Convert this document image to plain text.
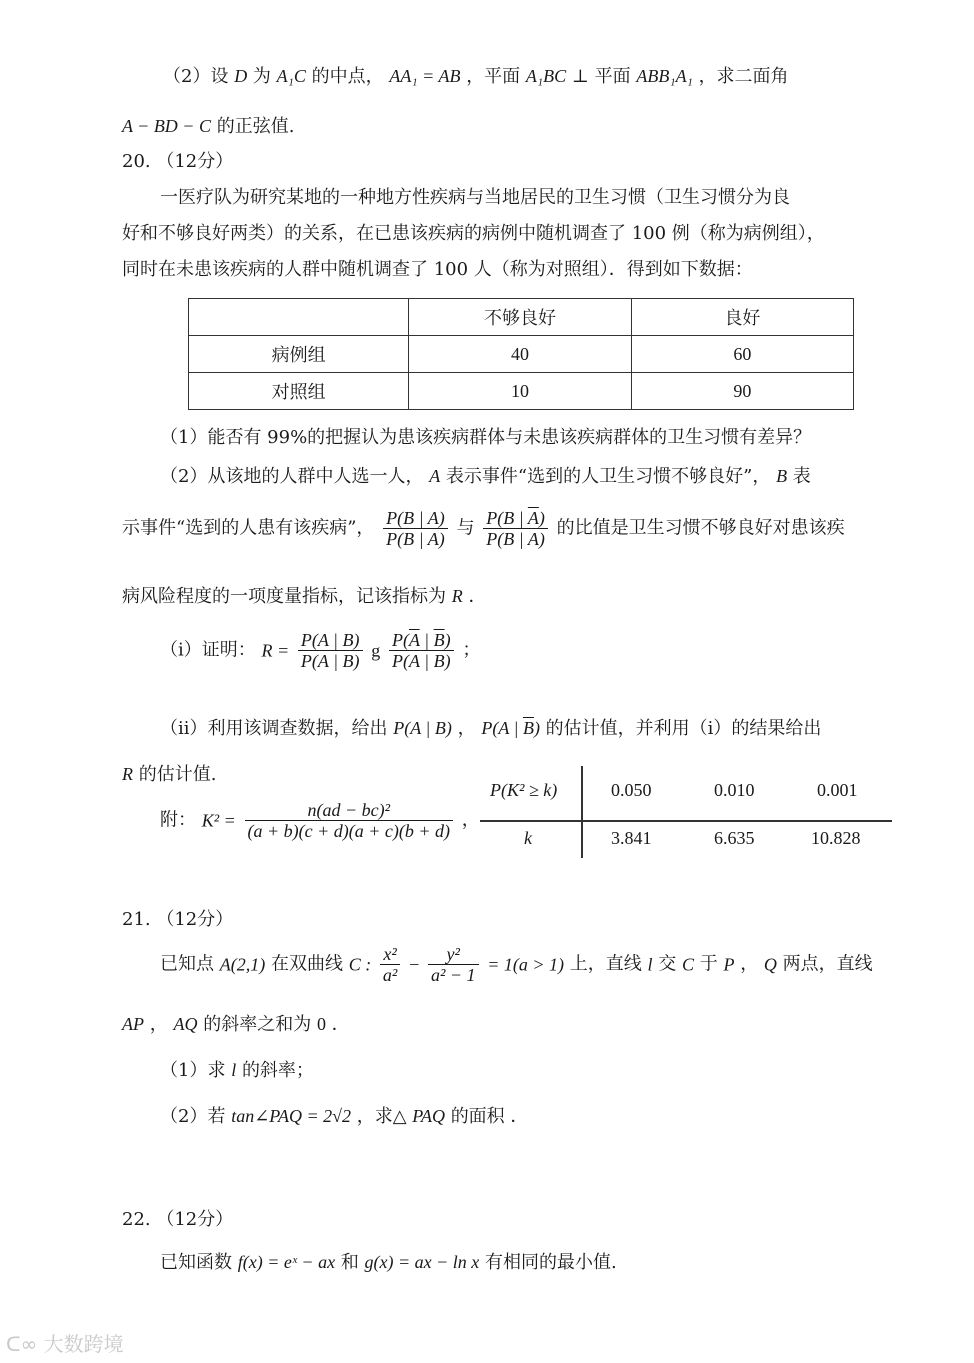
（2）设 D 为 A₁C 的中点， AA₁ = AB ，平面 A₁BC ⊥ 平面 ABB₁A₁ ，求二面角
A − BD − C 的正弦值.
20. （12分）
一医疗队为研究某地的一种地方性疾病与当地居民的卫生习惯（卫生习惯分为良
好和不够良好两类）的关系，在已患该疾病的病例中随机调查了 100 例（称为病例组），
同时在未患该疾病的人群中随机调查了 100 人（称为对照组）．得到如下数据：
	不够良好	良好
病例组	40	60
对照组	10	90
（1）能否有 99%的把握认为患该疾病群体与未患该疾病群体的卫生习惯有差异？
（2）从该地的人群中人选一人， A 表示事件“选到的人卫生习惯不够良好”， B 表
示事件“选到的人患有该疾病”， $\frac{P(B | A)}{P(\overline{B} | A)}$ 与 $\frac{P(B | \overline{A})}{P(\overline{B} | \overline{A})}$ 的比值是卫生习惯不够良好对患该疾
病风险程度的一项度量指标，记该指标为 R ．
（i）证明： $R = \frac{P(A | B)}{P(\overline{A} | B)}$ g $\frac{P(\overline{A} | \overline{B})}{P(A | \overline{B})}$ ；
（ii）利用该调查数据，给出 P(A | B) ， P(A | $\overline{B}$) 的估计值，并利用（i）的结果给出
R 的估计值.
附： $K^2 = \frac{\text{n(ad − bc)²}}{(a + b)(c + d)(a + c)(b + d)}$ ，
P(K² ≥ k)	0.050	0.010	0.001
k	3.841	6.635	10.828
21. （12分）
已知点 A(2,1) 在双曲线 C : $\frac{\text{x²}}{\text{a²}} - \frac{\text{y²}}{\text{a² − 1}} = 1(a > 1)$ 上，直线 l 交 C 于 P ， Q 两点，直线
AP ， AQ 的斜率之和为 0 ．
（1）求 l 的斜率；
（2）若 tan∠PAQ = 2√2 ，求△ PAQ 的面积 ．
22. （12分）
已知函数 f(x) = eˣ − ax 和 g(x) = ax − ln x 有相同的最小值.
ᑕ∞ 大数跨境
